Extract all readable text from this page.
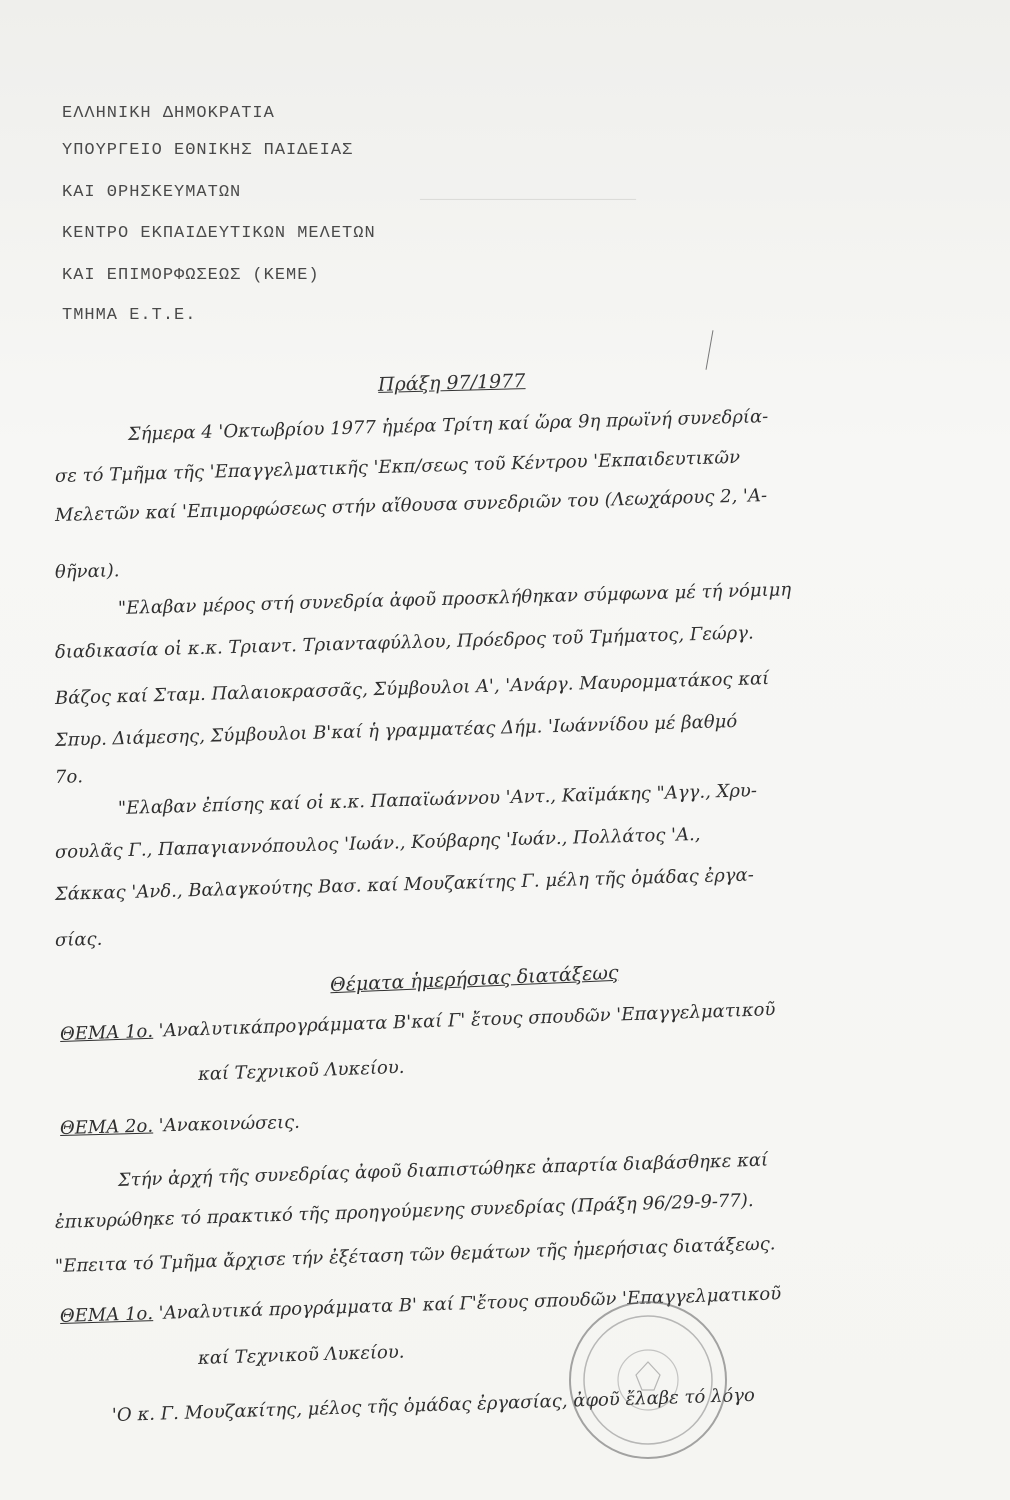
────────────────────────
ΕΛΛΗΝΙΚΗ ΔΗΜΟΚΡΑΤΙΑ
ΥΠΟΥΡΓΕΙΟ ΕΘΝΙΚΗΣ ΠΑΙΔΕΙΑΣ
ΚΑΙ ΘΡΗΣΚΕΥΜΑΤΩΝ
ΚΕΝΤΡΟ ΕΚΠΑΙΔΕΥΤΙΚΩΝ ΜΕΛΕΤΩΝ
ΚΑΙ ΕΠΙΜΟΡΦΩΣΕΩΣ (ΚΕΜΕ)
ΤΜΗΜΑ Ε.Τ.Ε.
Πράξη 97/1977
Σήμερα 4 'Οκτωβρίου 1977 ἡμέρα Τρίτη καί ὥρα 9η πρωϊνή συνεδρία-
σε τό Τμῆμα τῆς 'Επαγγελματικῆς 'Εκπ/σεως τοῦ Κέντρου 'Εκπαιδευτικῶν
Μελετῶν καί 'Επιμορφώσεως στήν αἴθουσα συνεδριῶν του (Λεωχάρους 2, 'Α-
θῆναι).
"Ελαβαν μέρος στή συνεδρία ἀφοῦ προσκλήθηκαν σύμφωνα μέ τή νόμιμη
διαδικασία οἱ κ.κ. Τριαντ. Τριανταφύλλου, Πρόεδρος τοῦ Τμήματος, Γεώργ.
Βάζος καί Σταμ. Παλαιοκρασσᾶς, Σύμβουλοι Α', 'Ανάργ. Μαυρομματάκος καί
Σπυρ. Διάμεσης, Σύμβουλοι Β'καί ἡ γραμματέας Δήμ. 'Ιωάννίδου μέ βαθμό
7ο.
"Ελαβαν ἐπίσης καί οἱ κ.κ. Παπαϊωάννου 'Αντ., Καϊμάκης "Αγγ., Χρυ-
σουλᾶς Γ., Παπαγιαννόπουλος 'Ιωάν., Κούβαρης 'Ιωάν., Πολλάτος 'Α.,
Σάκκας 'Ανδ., Βαλαγκούτης Βασ. καί Μουζακίτης Γ. μέλη τῆς ὁμάδας ἐργα-
σίας.
Θέματα ἡμερήσιας διατάξεως
ΘΕΜΑ 1ο. 'Αναλυτικάπρογράμματα Β'καί Γ' ἔτους σπουδῶν 'Επαγγελματικοῦ
καί Τεχνικοῦ Λυκείου.
ΘΕΜΑ 2ο. 'Ανακοινώσεις.
Στήν ἀρχή τῆς συνεδρίας ἀφοῦ διαπιστώθηκε ἀπαρτία διαβάσθηκε καί
ἐπικυρώθηκε τό πρακτικό τῆς προηγούμενης συνεδρίας (Πράξη 96/29-9-77).
"Επειτα τό Τμῆμα ἄρχισε τήν ἐξέταση τῶν θεμάτων τῆς ἡμερήσιας διατάξεως.
ΘΕΜΑ 1ο. 'Αναλυτικά προγράμματα Β' καί Γ'ἔτους σπουδῶν 'Επαγγελματικοῦ
καί Τεχνικοῦ Λυκείου.
'Ο κ. Γ. Μουζακίτης, μέλος τῆς ὁμάδας ἐργασίας, ἀφοῦ ἔλαβε τό λόγο
